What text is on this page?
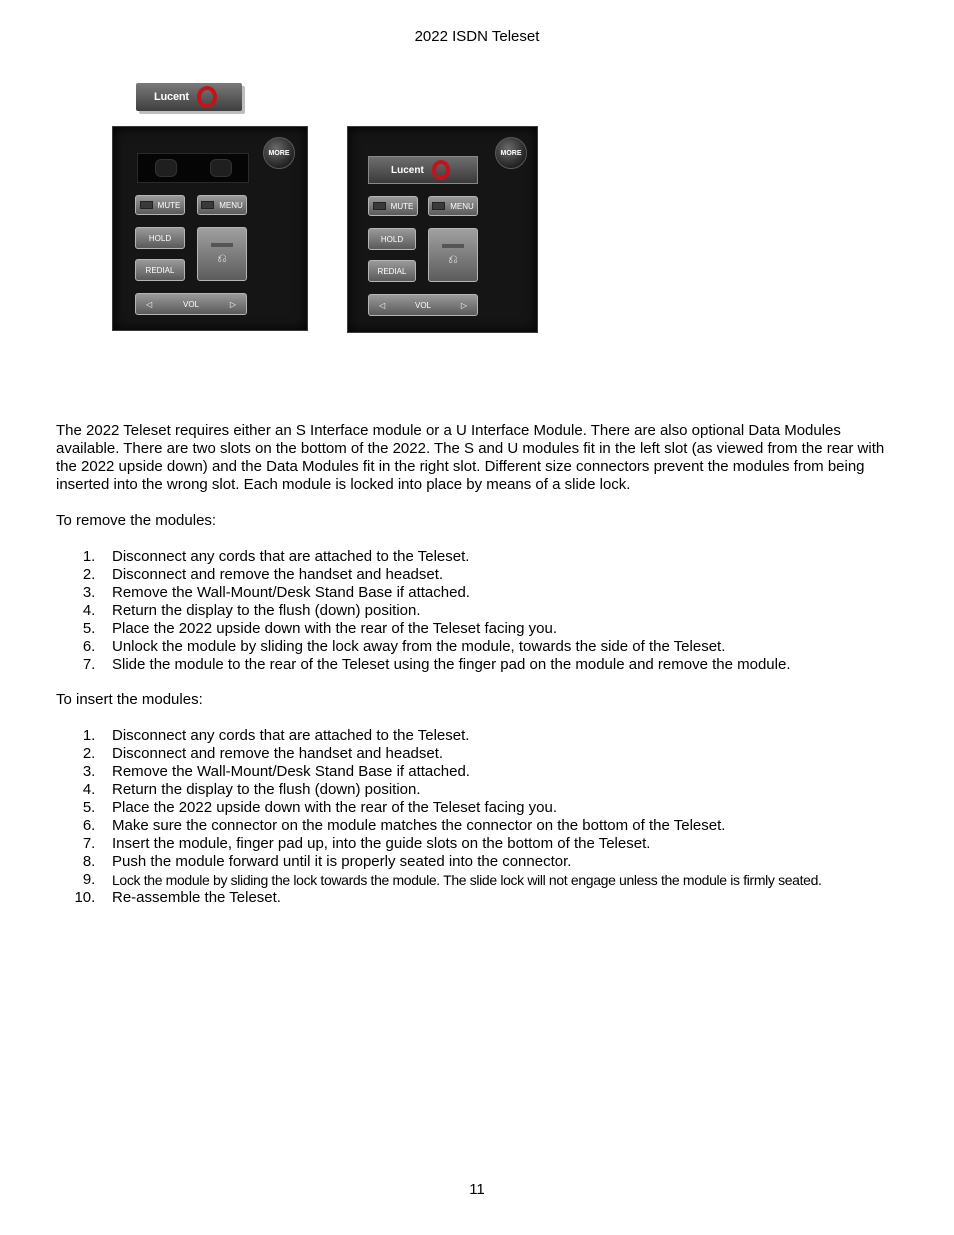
2022 ISDN Teleset
Lucent
MORE
MUTE	MENU
HOLD
REDIAL
⎌
◁	VOL	▷
Lucent
MORE
MUTE	MENU
HOLD
REDIAL
⎌
◁	VOL	▷
The 2022 Teleset requires either an S Interface module or a U Interface Module. There are also optional Data Modules available. There are two slots on the bottom of the 2022. The S and U modules fit in the left slot (as viewed from the rear with the 2022 upside down) and the Data Modules fit in the right slot. Different size connectors prevent the modules from being inserted into the wrong slot. Each module is locked into place by means of a slide lock.
To remove the modules:
1. Disconnect any cords that are attached to the Teleset.
2. Disconnect and remove the handset and headset.
3. Remove the Wall-Mount/Desk Stand Base if attached.
4. Return the display to the flush (down) position.
5. Place the 2022 upside down with the rear of the Teleset facing you.
6. Unlock the module by sliding the lock away from the module, towards the side of the Teleset.
7. Slide the module to the rear of the Teleset using the finger pad on the module and remove the module.
To insert the modules:
1. Disconnect any cords that are attached to the Teleset.
2. Disconnect and remove the handset and headset.
3. Remove the Wall-Mount/Desk Stand Base if attached.
4. Return the display to the flush (down) position.
5. Place the 2022 upside down with the rear of the Teleset facing you.
6. Make sure the connector on the module matches the connector on the bottom of the Teleset.
7. Insert the module, finger pad up, into the guide slots on the bottom of the Teleset.
8. Push the module forward until it is properly seated into the connector.
9. Lock the module by sliding the lock towards the module. The slide lock will not engage unless the module is firmly seated.
10. Re-assemble the Teleset.
11
